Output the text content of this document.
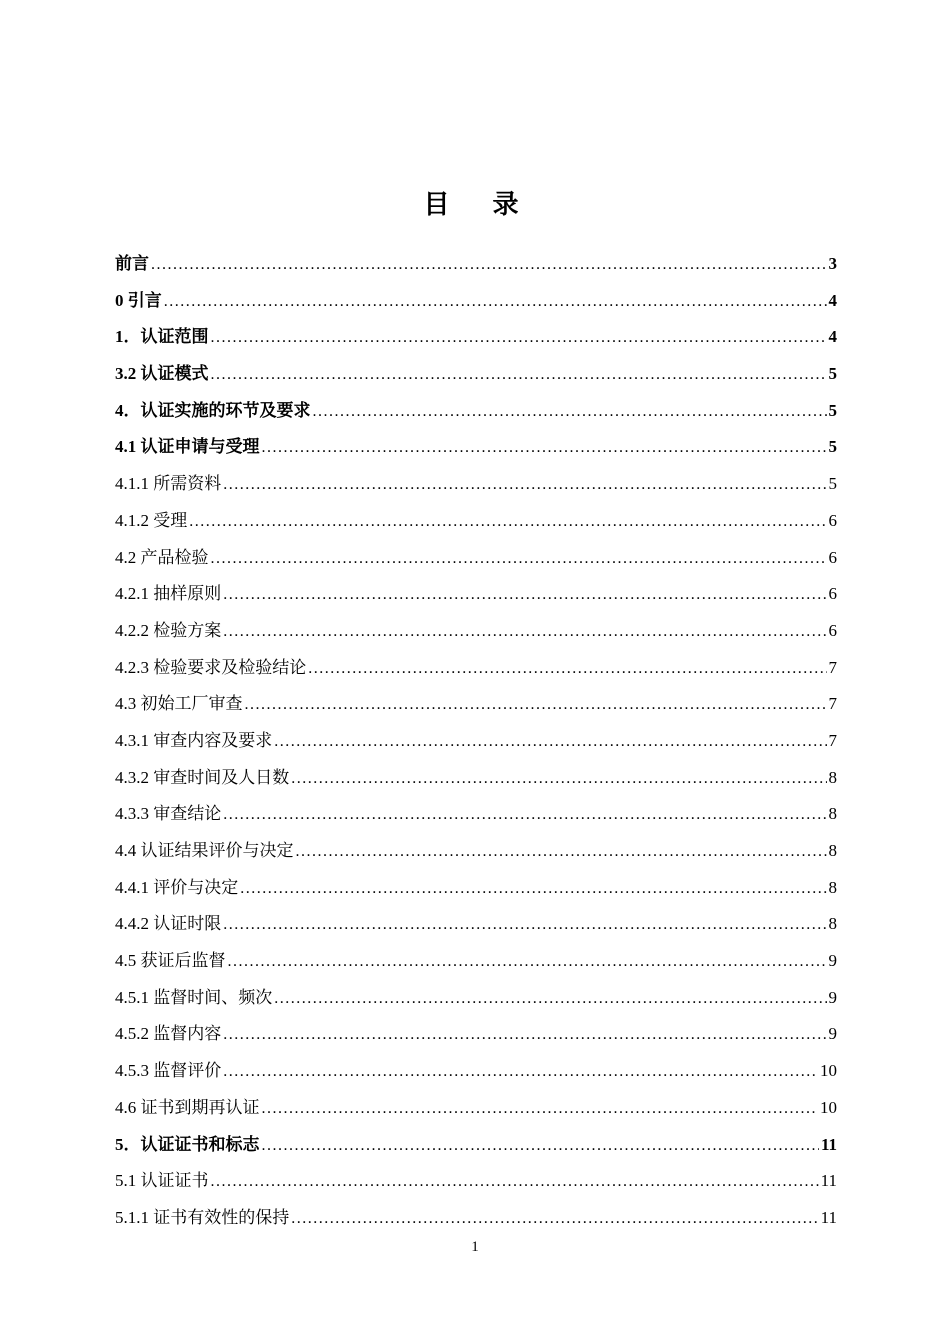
目  录
前言 .....	3
0 引言 .....	4
1．认证范围 .....	4
3.2 认证模式 .....	5
4．认证实施的环节及要求 .....	5
4.1 认证申请与受理 .....	5
4.1.1 所需资料 .....	5
4.1.2 受理 .....	6
4.2 产品检验 .....	6
4.2.1 抽样原则 .....	6
4.2.2 检验方案 .....	6
4.2.3 检验要求及检验结论 .....	7
4.3 初始工厂审查 .....	7
4.3.1 审查内容及要求 .....	7
4.3.2 审查时间及人日数 .....	8
4.3.3 审查结论 .....	8
4.4 认证结果评价与决定 .....	8
4.4.1 评价与决定 .....	8
4.4.2 认证时限 .....	8
4.5 获证后监督 .....	9
4.5.1 监督时间、频次 .....	9
4.5.2 监督内容 .....	9
4.5.3 监督评价 .....	10
4.6 证书到期再认证 .....	10
5．认证证书和标志 .....	11
5.1 认证证书 .....	11
5.1.1 证书有效性的保持 .....	11
1
